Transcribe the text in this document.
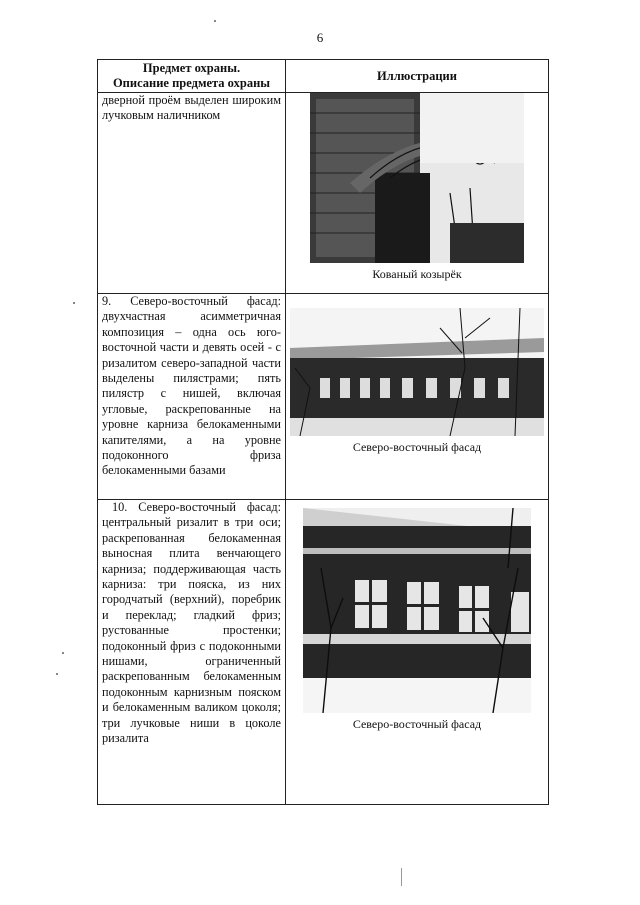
6
Предмет охраны.
Описание предмета охраны	Иллюстрации

дверной проём выделен широким лучковым наличником	Кованый козырёк

9. Северо-восточный фасад: двухчастная асимметричная композиция – одна ось юго-восточной части и девять осей - с ризалитом северо-западной части выделены пилястрами; пять пилястр с нишей, включая угловые, раскрепованные на уровне карниза белокаменными капителями, а на уровне подоконного фриза белокаменными базами	Северо-восточный фасад

10. Северо-восточный фасад: центральный ризалит в три оси; раскрепованная белокаменная выносная плита венчающего карниза; поддерживающая часть карниза: три пояска, из них городчатый (верхний), поребрик и переклад; гладкий фриз; рустованные простенки; подоконный фриз с подоконными нишами, ограниченный раскрепованным белокаменным подоконным карнизным пояском и белокаменным валиком цоколя; три лучковые ниши в цоколе ризалита	Северо-восточный фасад
